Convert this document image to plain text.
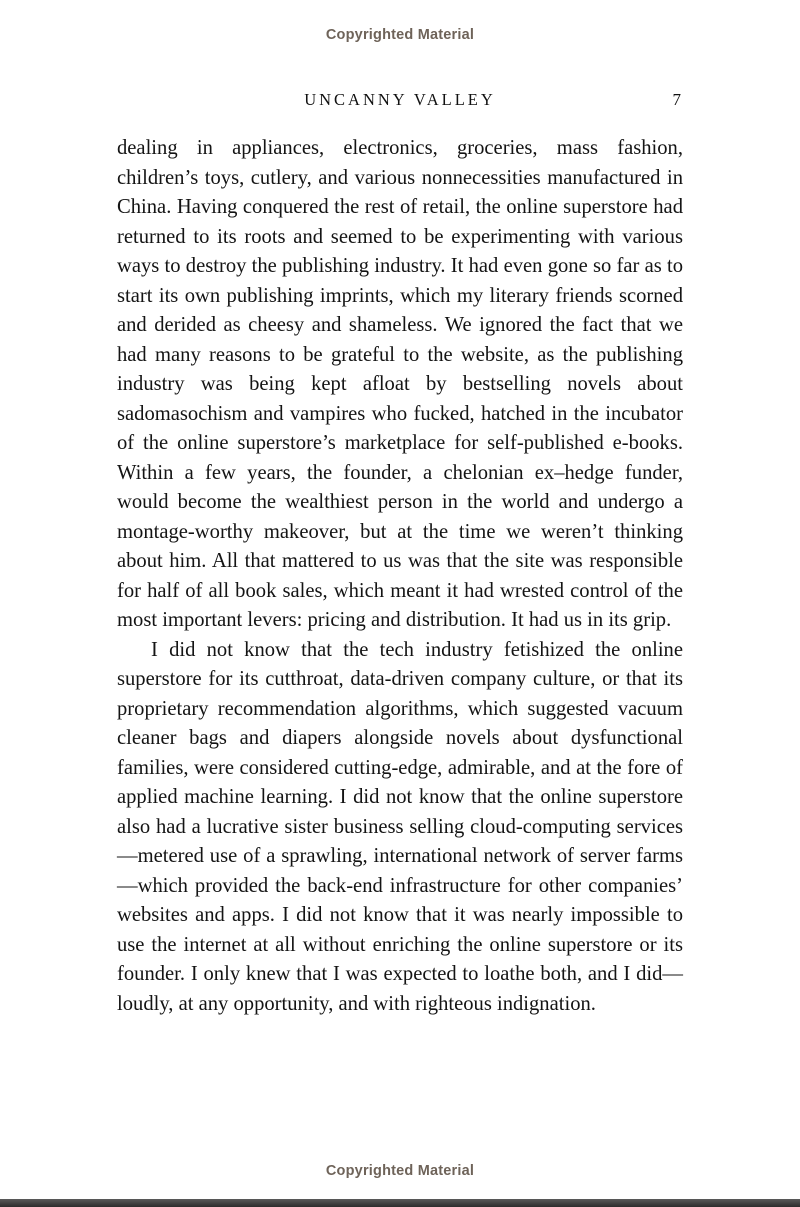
Copyrighted Material
UNCANNY VALLEY	7

dealing in appliances, electronics, groceries, mass fashion, children’s toys, cutlery, and various nonnecessities manufactured in China. Having conquered the rest of retail, the online superstore had returned to its roots and seemed to be experimenting with various ways to destroy the publishing industry. It had even gone so far as to start its own publishing imprints, which my literary friends scorned and derided as cheesy and shameless. We ignored the fact that we had many reasons to be grateful to the website, as the publishing industry was being kept afloat by bestselling novels about sadomasochism and vampires who fucked, hatched in the incubator of the online superstore’s marketplace for self-published e-books. Within a few years, the founder, a chelonian ex–hedge funder, would become the wealthiest person in the world and undergo a montage-worthy makeover, but at the time we weren’t thinking about him. All that mattered to us was that the site was responsible for half of all book sales, which meant it had wrested control of the most important levers: pricing and distribution. It had us in its grip.

I did not know that the tech industry fetishized the online superstore for its cutthroat, data-driven company culture, or that its proprietary recommendation algorithms, which suggested vacuum cleaner bags and diapers alongside novels about dysfunctional families, were considered cutting-edge, admirable, and at the fore of applied machine learning. I did not know that the online superstore also had a lucrative sister business selling cloud-computing services—metered use of a sprawling, international network of server farms—which provided the back-end infrastructure for other companies’ websites and apps. I did not know that it was nearly impossible to use the internet at all without enriching the online superstore or its founder. I only knew that I was expected to loathe both, and I did—loudly, at any opportunity, and with righteous indignation.

Copyrighted Material
